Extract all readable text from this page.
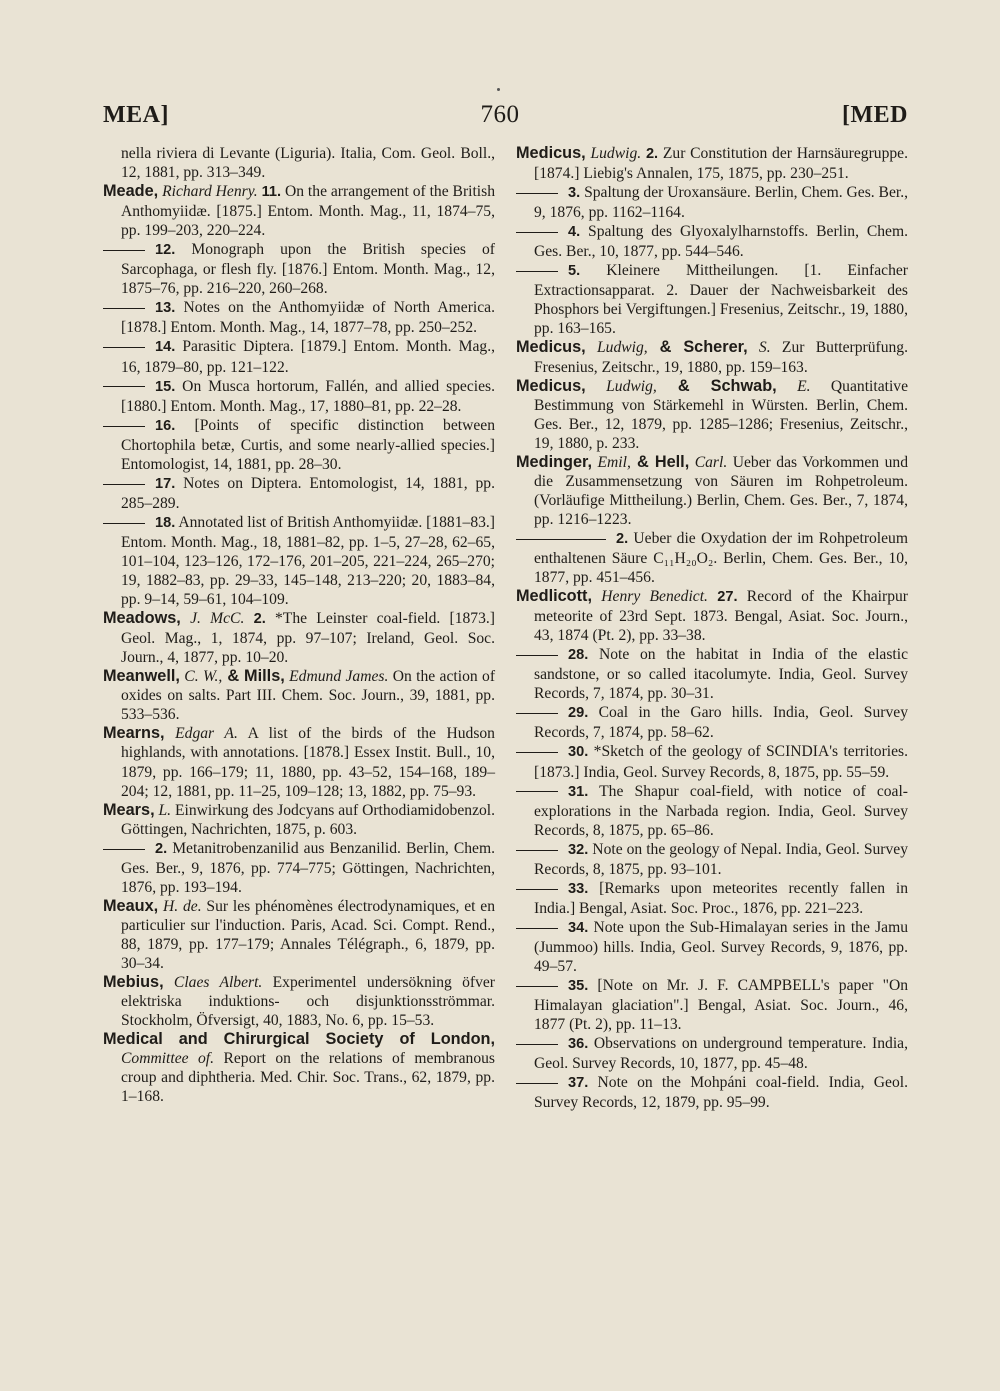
MEA]	760	[MED

nella riviera di Levante (Liguria). Italia, Com. Geol. Boll., 12, 1881, pp. 313–349.

Meade, Richard Henry. 11. On the arrangement of the British Anthomyiidæ. [1875.] Entom. Month. Mag., 11, 1874–75, pp. 199–203, 220–224.

12. Monograph upon the British species of Sarcophaga, or flesh fly. [1876.] Entom. Month. Mag., 12, 1875–76, pp. 216–220, 260–268.

13. Notes on the Anthomyiidæ of North America. [1878.] Entom. Month. Mag., 14, 1877–78, pp. 250–252.

14. Parasitic Diptera. [1879.] Entom. Month. Mag., 16, 1879–80, pp. 121–122.

15. On Musca hortorum, Fallén, and allied species. [1880.] Entom. Month. Mag., 17, 1880–81, pp. 22–28.

16. [Points of specific distinction between Chortophila betæ, Curtis, and some nearly-allied species.] Entomologist, 14, 1881, pp. 28–30.

17. Notes on Diptera. Entomologist, 14, 1881, pp. 285–289.

18. Annotated list of British Anthomyiidæ. [1881–83.] Entom. Month. Mag., 18, 1881–82, pp. 1–5, 27–28, 62–65, 101–104, 123–126, 172–176, 201–205, 221–224, 265–270; 19, 1882–83, pp. 29–33, 145–148, 213–220; 20, 1883–84, pp. 9–14, 59–61, 104–109.

Meadows, J. McC. 2. *The Leinster coal-field. [1873.] Geol. Mag., 1, 1874, pp. 97–107; Ireland, Geol. Soc. Journ., 4, 1877, pp. 10–20.

Meanwell, C. W., & Mills, Edmund James. On the action of oxides on salts. Part III. Chem. Soc. Journ., 39, 1881, pp. 533–536.

Mearns, Edgar A. A list of the birds of the Hudson highlands, with annotations. [1878.] Essex Instit. Bull., 10, 1879, pp. 166–179; 11, 1880, pp. 43–52, 154–168, 189–204; 12, 1881, pp. 11–25, 109–128; 13, 1882, pp. 75–93.

Mears, L. Einwirkung des Jodcyans auf Orthodiamidobenzol. Göttingen, Nachrichten, 1875, p. 603.

2. Metanitrobenzanilid aus Benzanilid. Berlin, Chem. Ges. Ber., 9, 1876, pp. 774–775; Göttingen, Nachrichten, 1876, pp. 193–194.

Meaux, H. de. Sur les phénomènes électrodynamiques, et en particulier sur l'induction. Paris, Acad. Sci. Compt. Rend., 88, 1879, pp. 177–179; Annales Télégraph., 6, 1879, pp. 30–34.

Mebius, Claes Albert. Experimentel undersökning öfver elektriska induktions- och disjunktionsströmmar. Stockholm, Öfversigt, 40, 1883, No. 6, pp. 15–53.

Medical and Chirurgical Society of London, Committee of. Report on the relations of membranous croup and diphtheria. Med. Chir. Soc. Trans., 62, 1879, pp. 1–168.

Medicus, Ludwig. 2. Zur Constitution der Harnsäuregruppe. [1874.] Liebig's Annalen, 175, 1875, pp. 230–251.

3. Spaltung der Uroxansäure. Berlin, Chem. Ges. Ber., 9, 1876, pp. 1162–1164.

4. Spaltung des Glyoxalylharnstoffs. Berlin, Chem. Ges. Ber., 10, 1877, pp. 544–546.

5. Kleinere Mittheilungen. [1. Einfacher Extractionsapparat. 2. Dauer der Nachweisbarkeit des Phosphors bei Vergiftungen.] Fresenius, Zeitschr., 19, 1880, pp. 163–165.

Medicus, Ludwig, & Scherer, S. Zur Butterprüfung. Fresenius, Zeitschr., 19, 1880, pp. 159–163.

Medicus, Ludwig, & Schwab, E. Quantitative Bestimmung von Stärkemehl in Würsten. Berlin, Chem. Ges. Ber., 12, 1879, pp. 1285–1286; Fresenius, Zeitschr., 19, 1880, p. 233.

Medinger, Emil, & Hell, Carl. Ueber das Vorkommen und die Zusammensetzung von Säuren im Rohpetroleum. (Vorläufige Mittheilung.) Berlin, Chem. Ges. Ber., 7, 1874, pp. 1216–1223.

2. Ueber die Oxydation der im Rohpetroleum enthaltenen Säure C₁₁H₂₀O₂. Berlin, Chem. Ges. Ber., 10, 1877, pp. 451–456.

Medlicott, Henry Benedict. 27. Record of the Khairpur meteorite of 23rd Sept. 1873. Bengal, Asiat. Soc. Journ., 43, 1874 (Pt. 2), pp. 33–38.

28. Note on the habitat in India of the elastic sandstone, or so called itacolumyte. India, Geol. Survey Records, 7, 1874, pp. 30–31.

29. Coal in the Garo hills. India, Geol. Survey Records, 7, 1874, pp. 58–62.

30. *Sketch of the geology of SCINDIA's territories. [1873.] India, Geol. Survey Records, 8, 1875, pp. 55–59.

31. The Shapur coal-field, with notice of coal-explorations in the Narbada region. India, Geol. Survey Records, 8, 1875, pp. 65–86.

32. Note on the geology of Nepal. India, Geol. Survey Records, 8, 1875, pp. 93–101.

33. [Remarks upon meteorites recently fallen in India.] Bengal, Asiat. Soc. Proc., 1876, pp. 221–223.

34. Note upon the Sub-Himalayan series in the Jamu (Jummoo) hills. India, Geol. Survey Records, 9, 1876, pp. 49–57.

35. [Note on Mr. J. F. CAMPBELL's paper "On Himalayan glaciation".] Bengal, Asiat. Soc. Journ., 46, 1877 (Pt. 2), pp. 11–13.

36. Observations on underground temperature. India, Geol. Survey Records, 10, 1877, pp. 45–48.

37. Note on the Mohpáni coal-field. India, Geol. Survey Records, 12, 1879, pp. 95–99.
